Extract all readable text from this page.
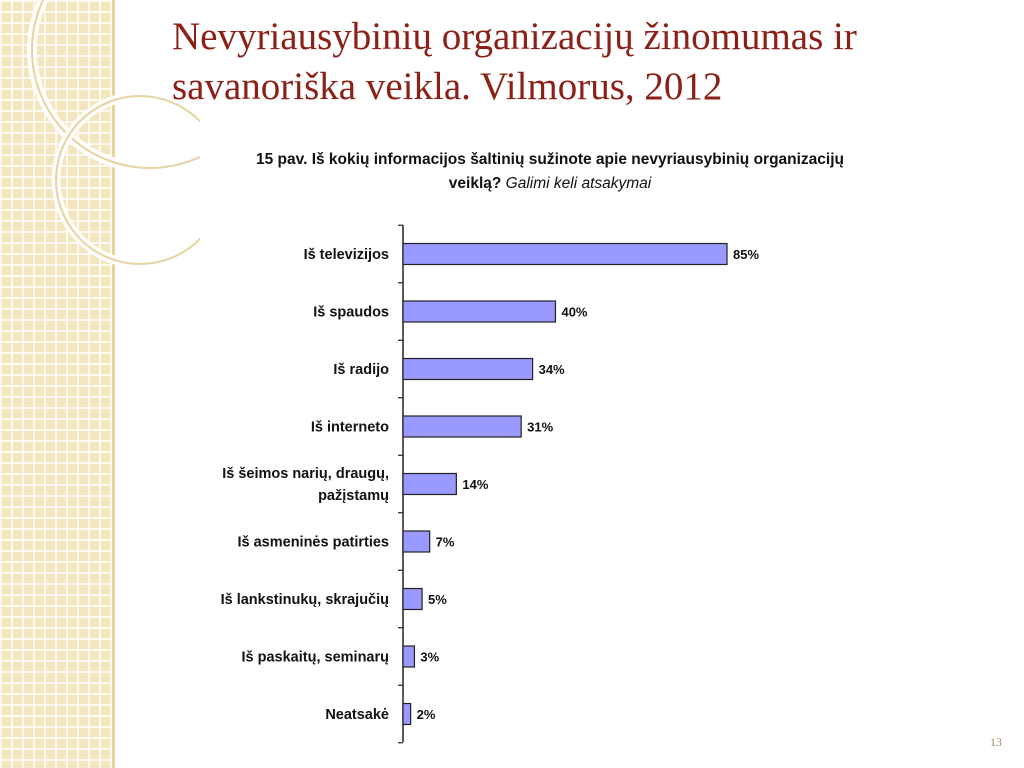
Nevyriausybinių organizacijų žinomumas ir
savanoriška veikla. Vilmorus, 2012
15 pav. Iš kokių informacijos šaltinių sužinote apie nevyriausybinių organizacijų
veiklą? Galimi keli atsakymai
85%
Iš televizijos
40%
Iš spaudos
34%
Iš radijo
31%
Iš interneto
14%
Iš šeimos narių, draugų,
pažįstamų
7%
Iš asmeninės patirties
5%
Iš lankstinukų, skrajučių
3%
Iš paskaitų, seminarų
2%
Neatsakė
13
